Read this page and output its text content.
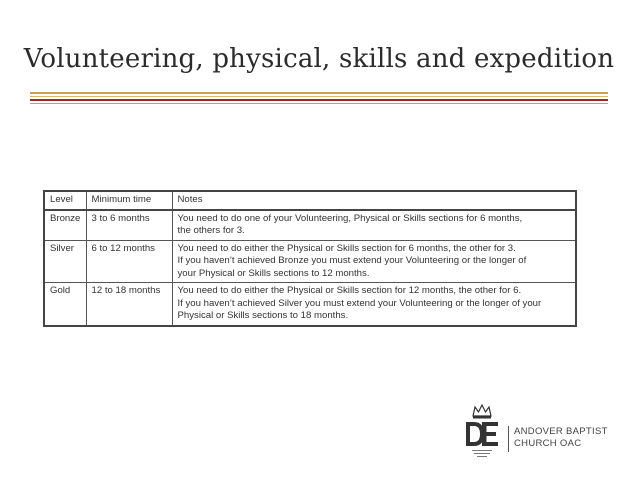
Volunteering, physical, skills and expedition
Level	Minimum time	Notes
Bronze	3 to 6 months	You need to do one of your Volunteering, Physical or Skills sections for 6 months,
the others for 3.

Silver	6 to 12 months	You need to do either the Physical or Skills section for 6 months, the other for 3.
If you haven’t achieved Bronze you must extend your Volunteering or the longer of
your Physical or Skills sections to 12 months.

Gold	12 to 18 months	You need to do either the Physical or Skills section for 12 months, the other for 6.
If you haven’t achieved Silver you must extend your Volunteering or the longer of your
Physical or Skills sections to 18 months.
ANDOVER BAPTIST
CHURCH OAC
